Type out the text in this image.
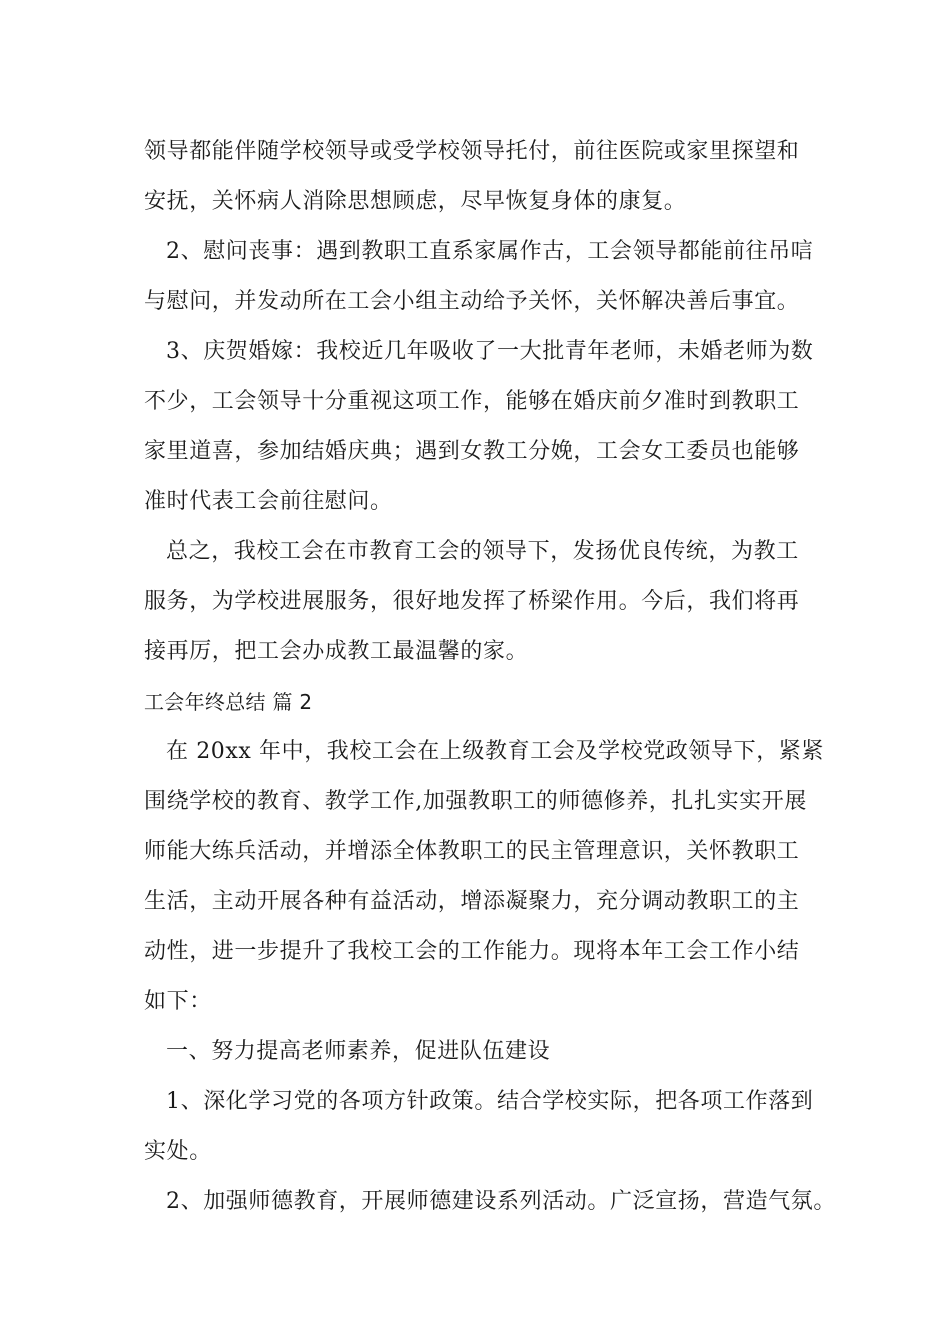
领导都能伴随学校领导或受学校领导托付，前往医院或家里探望和
安抚，关怀病人消除思想顾虑，尽早恢复身体的康复。
2、慰问丧事：遇到教职工直系家属作古，工会领导都能前往吊唁
与慰问，并发动所在工会小组主动给予关怀，关怀解决善后事宜。
3、庆贺婚嫁：我校近几年吸收了一大批青年老师，未婚老师为数
不少，工会领导十分重视这项工作，能够在婚庆前夕准时到教职工
家里道喜，参加结婚庆典；遇到女教工分娩，工会女工委员也能够
准时代表工会前往慰问。
总之，我校工会在市教育工会的领导下，发扬优良传统，为教工
服务，为学校进展服务，很好地发挥了桥梁作用。今后，我们将再
接再厉，把工会办成教工最温馨的家。
工会年终总结 篇 2
在 20xx 年中，我校工会在上级教育工会及学校党政领导下，紧紧
围绕学校的教育、教学工作,加强教职工的师德修养，扎扎实实开展
师能大练兵活动，并增添全体教职工的民主管理意识，关怀教职工
生活，主动开展各种有益活动，增添凝聚力，充分调动教职工的主
动性，进一步提升了我校工会的工作能力。现将本年工会工作小结
如下：
一、努力提高老师素养，促进队伍建设
1、深化学习党的各项方针政策。结合学校实际，把各项工作落到
实处。
2、加强师德教育，开展师德建设系列活动。广泛宣扬，营造气氛。
